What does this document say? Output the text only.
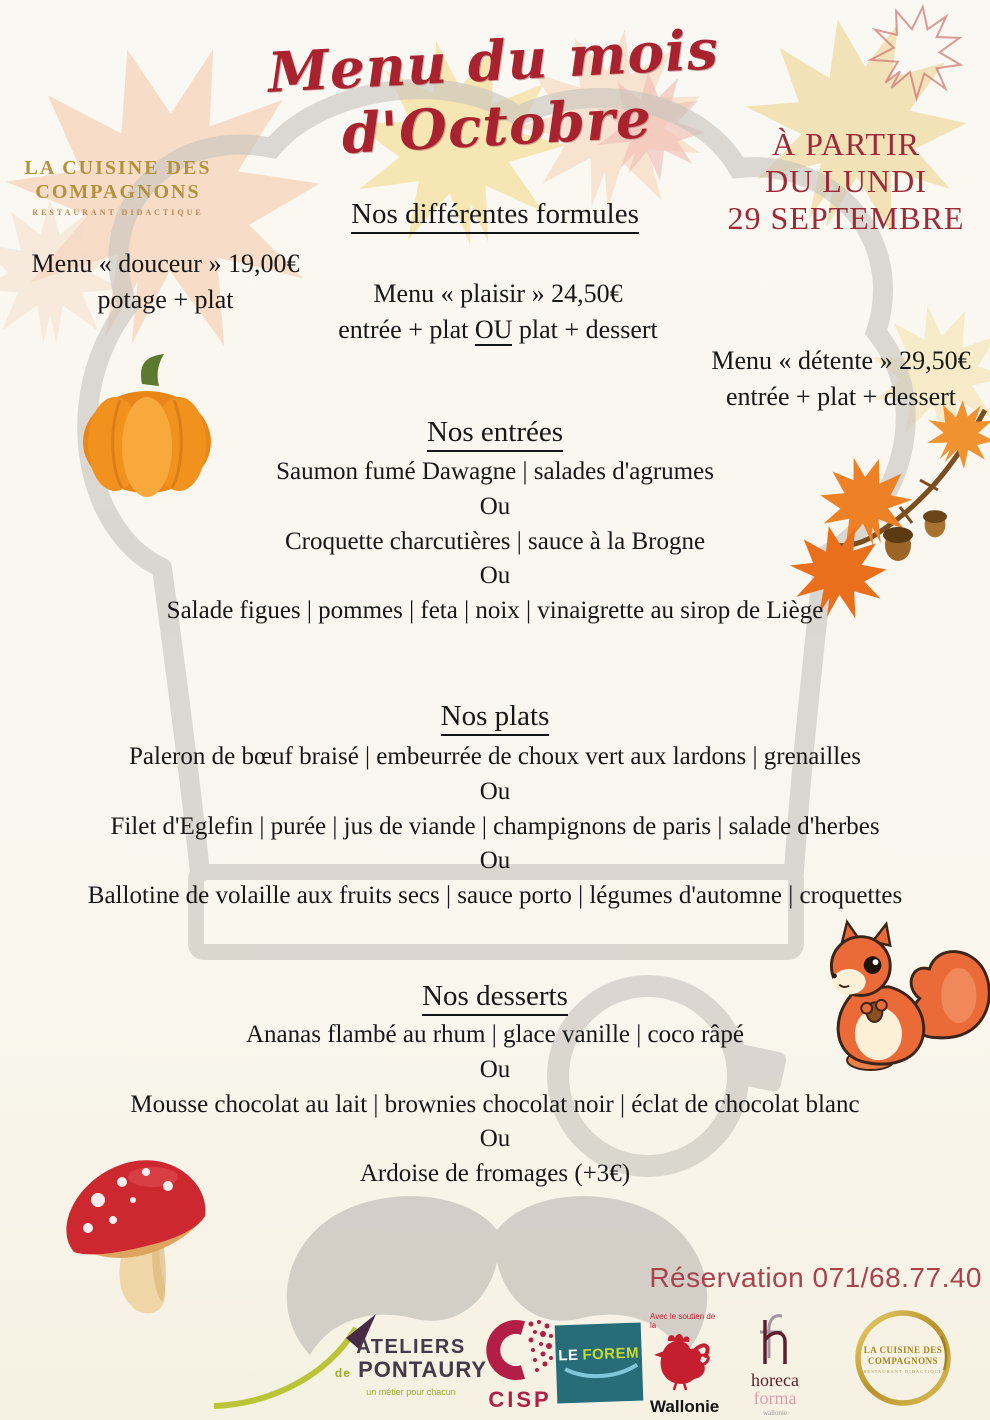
Menu du mois d'Octobre
LA CUISINE DES
COMPAGNONS
RESTAURANT DIDACTIQUE
À PARTIR
DU LUNDI
29 SEPTEMBRE
Nos différentes formules
Menu « douceur » 19,00€
potage + plat	Menu « plaisir » 24,50€
entrée + plat OU plat + dessert
Menu « détente » 29,50€
entrée + plat + dessert
Nos entrées
Saumon fumé Dawagne | salades d'agrumes
Ou
Croquette charcutières | sauce à la Brogne
Ou
Salade figues | pommes | feta | noix | vinaigrette au sirop de Liège
Nos plats
Paleron de bœuf braisé | embeurrée de choux vert aux lardons | grenailles
Ou
Filet d'Eglefin | purée | jus de viande | champignons de paris | salade d'herbes
Ou
Ballotine de volaille aux fruits secs | sauce porto | légumes d'automne | croquettes
Nos desserts
Ananas flambé au rhum | glace vanille | coco râpé
Ou
Mousse chocolat au lait | brownies chocolat noir | éclat de chocolat blanc
Ou
Ardoise de fromages (+3€)
Réservation 071/68.77.40
ATELIERS
de PONTAURY
un métier pour chacun	CISP
LE FOREM
Avec le soutien de
la
Wallonie
horeca
forma
wallonie
LA CUISINE DES
COMPAGNONS
RESTAURANT DIDACTIQUE
